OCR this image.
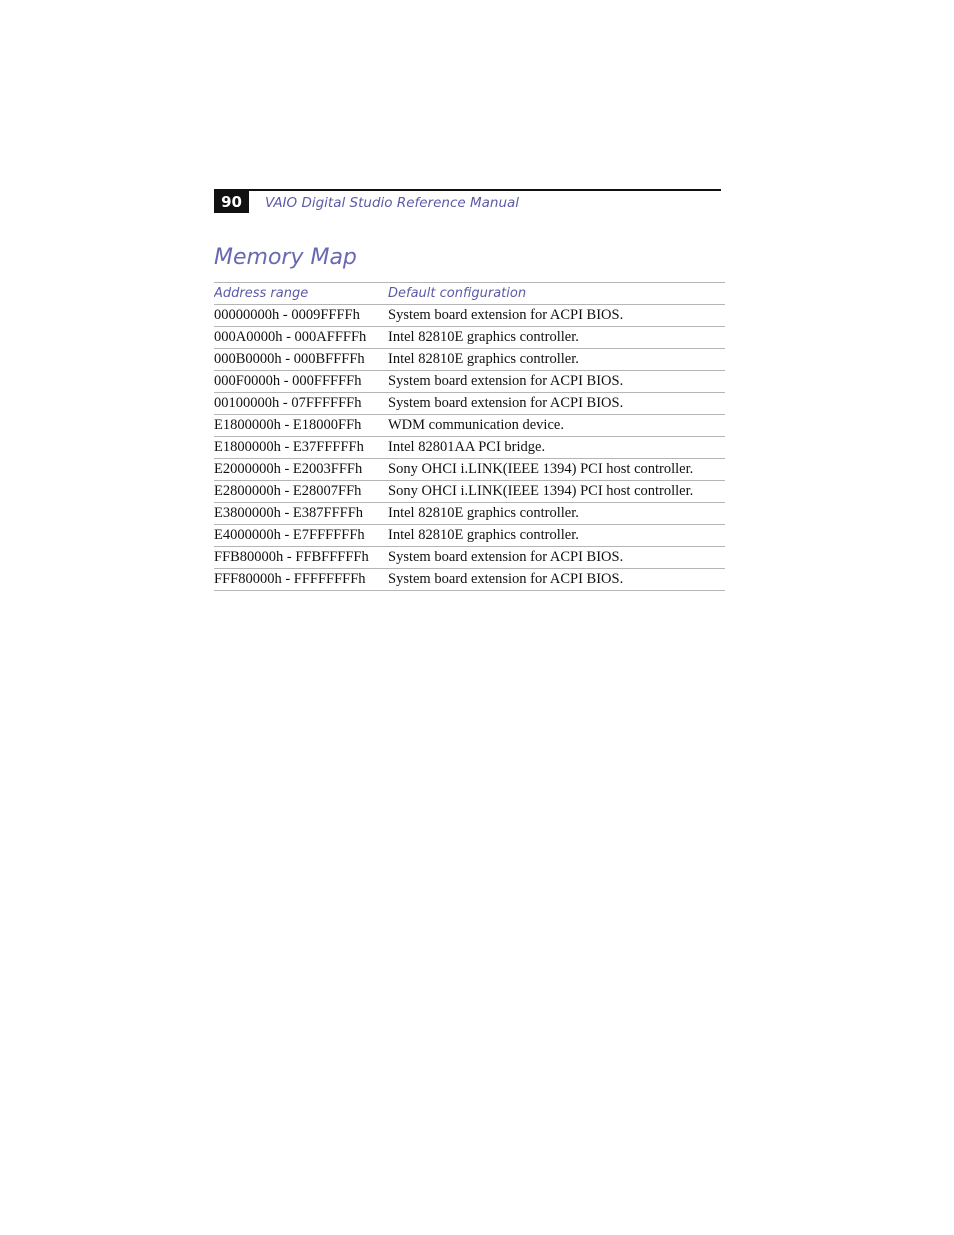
90	VAIO Digital Studio Reference Manual
Memory Map
Address range	Default configuration
00000000h - 0009FFFFh	System board extension for ACPI BIOS.
000A0000h - 000AFFFFh	Intel 82810E graphics controller.
000B0000h - 000BFFFFh	Intel 82810E graphics controller.
000F0000h - 000FFFFFh	System board extension for ACPI BIOS.
00100000h - 07FFFFFFh	System board extension for ACPI BIOS.
E1800000h - E18000FFh	WDM communication device.
E1800000h - E37FFFFFh	Intel 82801AA PCI bridge.
E2000000h - E2003FFFh	Sony OHCI i.LINK(IEEE 1394) PCI host controller.
E2800000h - E28007FFh	Sony OHCI i.LINK(IEEE 1394) PCI host controller.
E3800000h - E387FFFFh	Intel 82810E graphics controller.
E4000000h - E7FFFFFFh	Intel 82810E graphics controller.
FFB80000h - FFBFFFFFh	System board extension for ACPI BIOS.
FFF80000h - FFFFFFFFh	System board extension for ACPI BIOS.
